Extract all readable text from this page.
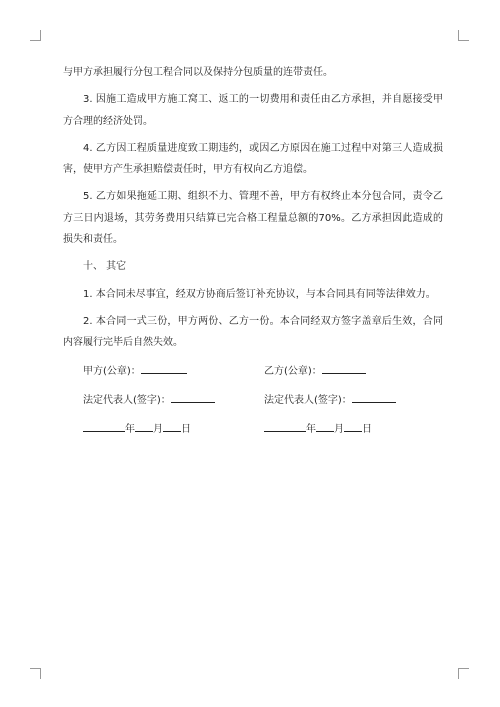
与甲方承担履行分包工程合同以及保持分包质量的连带责任。

3. 因施工造成甲方施工窝工、返工的一切费用和责任由乙方承担，并自愿接受甲方合理的经济处罚。

4. 乙方因工程质量进度致工期违约，或因乙方原因在施工过程中对第三人造成损害，使甲方产生承担赔偿责任时，甲方有权向乙方追偿。

5. 乙方如果拖延工期、组织不力、管理不善，甲方有权终止本分包合同，责令乙方三日内退场，其劳务费用只结算已完合格工程量总额的70%。乙方承担因此造成的损失和责任。

十、 其它

1. 本合同未尽事宜，经双方协商后签订补充协议，与本合同具有同等法律效力。

2. 本合同一式三份，甲方两份、乙方一份。本合同经双方签字盖章后生效，合同内容履行完毕后自然失效。

甲方(公章)：	乙方(公章)：
法定代表人(签字)：	法定代表人(签字)：
年 月 日	年 月 日
